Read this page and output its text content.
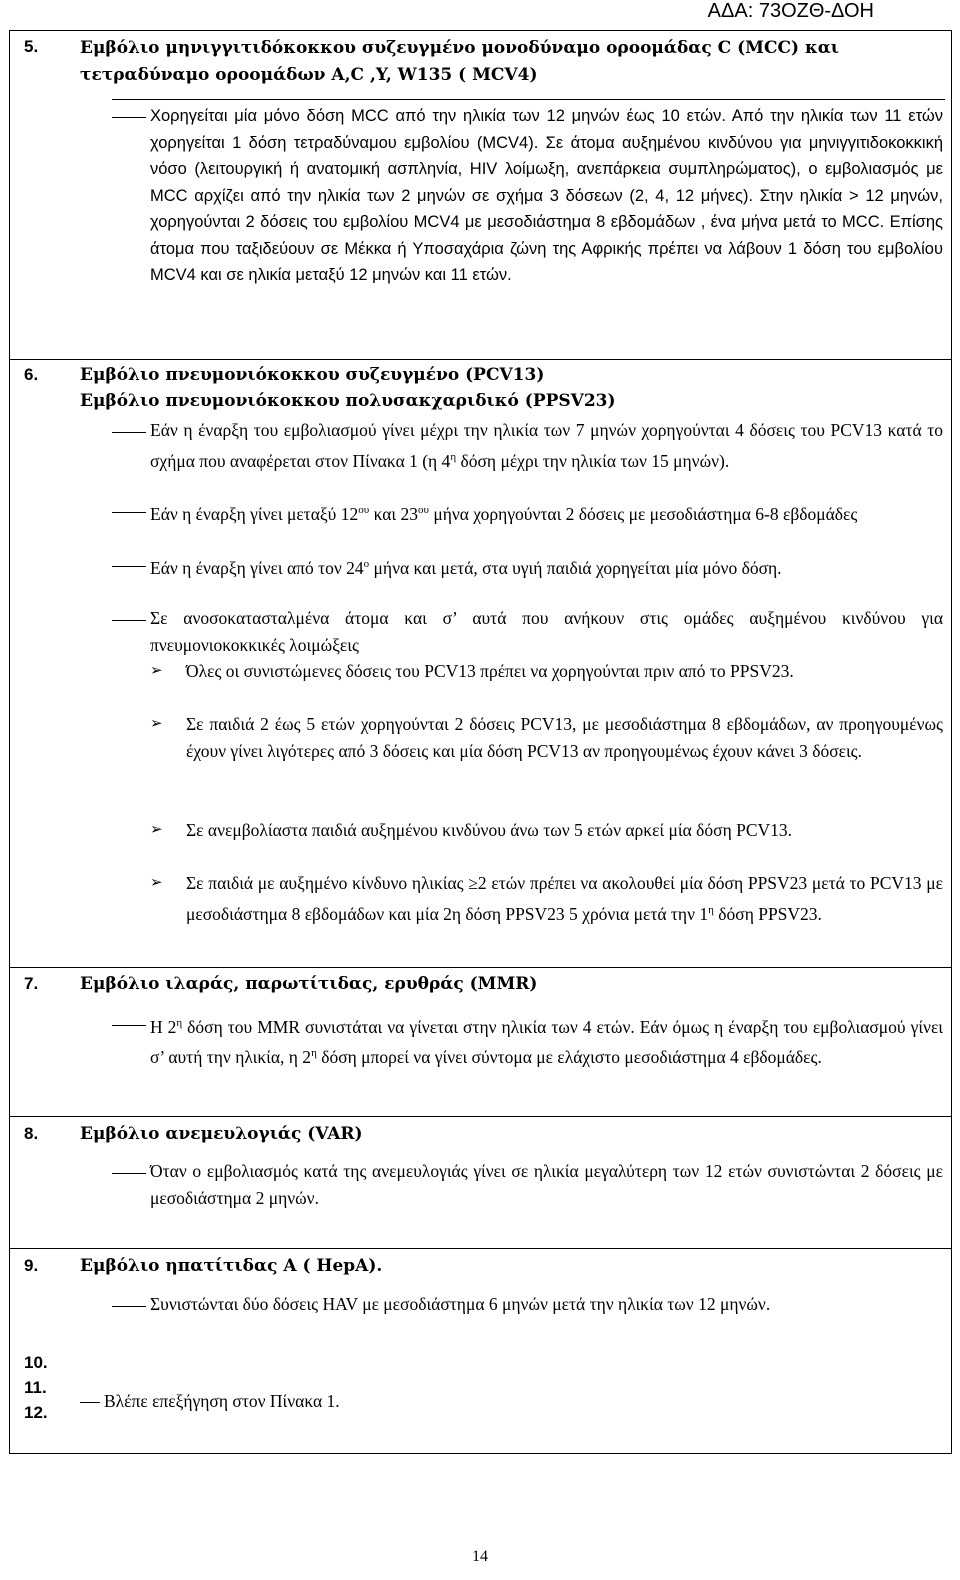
ΑΔΑ: 73ΟΖΘ-ΔΟΗ
5. Εμβόλιο μηνιγγιτιδόκοκκου συζευγμένο μονοδύναμο οροομάδας C (MCC) και
τετραδύναμο οροομάδων A,C ,Y, W135 ( MCV4)
Χορηγείται μία μόνο δόση MCC από την ηλικία των 12 μηνών έως 10 ετών. Από την ηλικία των 11 ετών χορηγείται 1 δόση τετραδύναμου εμβολίου (MCV4). Σε άτομα αυξημένου κινδύνου για μηνιγγιτιδοκοκκική νόσο (λειτουργική ή ανατομική ασπληνία, HIV λοίμωξη, ανεπάρκεια συμπληρώματος), ο εμβολιασμός με MCC αρχίζει από την ηλικία των 2 μηνών σε σχήμα 3 δόσεων (2, 4, 12 μήνες). Στην ηλικία > 12 μηνών, χορηγούνται 2 δόσεις του εμβολίου MCV4 με μεσοδιάστημα 8 εβδομάδων , ένα μήνα μετά το MCC. Επίσης άτομα που ταξιδεύουν σε Μέκκα ή Υποσαχάρια ζώνη της Αφρικής πρέπει να λάβουν 1 δόση του εμβολίου MCV4 και σε ηλικία μεταξύ 12 μηνών και 11 ετών.
6. Εμβόλιο πνευμονιόκοκκου συζευγμένο (PCV13)
Εμβόλιο πνευμονιόκοκκου πολυσακχαριδικό (PPSV23)
Εάν η έναρξη του εμβολιασμού γίνει μέχρι την ηλικία των 7 μηνών χορηγούνται 4 δόσεις του PCV13 κατά το σχήμα που αναφέρεται στον Πίνακα 1 (η $4^\eta$ δόση μέχρι την ηλικία των 15 μηνών).
Εάν η έναρξη γίνει μεταξύ $12^{o\upsilon}$ και $23^{o\upsilon}$ μήνα χορηγούνται 2 δόσεις με μεσοδιάστημα 6-8 εβδομάδες
Εάν η έναρξη γίνει από τον $24^o$ μήνα και μετά, στα υγιή παιδιά χορηγείται μία μόνο δόση.
Σε ανοσοκατασταλμένα άτομα και σ’ αυτά που ανήκουν στις ομάδες αυξημένου κινδύνου για πνευμονιοκοκκικές λοιμώξεις
➢ Όλες οι συνιστώμενες δόσεις του PCV13 πρέπει να χορηγούνται πριν από το PPSV23.
➢ Σε παιδιά 2 έως 5 ετών χορηγούνται 2 δόσεις PCV13, με μεσοδιάστημα 8 εβδομάδων, αν προηγουμένως έχουν γίνει λιγότερες από 3 δόσεις και μία δόση PCV13 αν προηγουμένως έχουν κάνει 3 δόσεις.
➢ Σε ανεμβολίαστα παιδιά αυξημένου κινδύνου άνω των 5 ετών αρκεί μία δόση PCV13.
➢ Σε παιδιά με αυξημένο κίνδυνο ηλικίας ≥2 ετών πρέπει να ακολουθεί μία δόση PPSV23 μετά το PCV13 με μεσοδιάστημα 8 εβδομάδων και μία 2η δόση PPSV23 5 χρόνια μετά την $1^\eta$ δόση PPSV23.
7. Εμβόλιο ιλαράς, παρωτίτιδας, ερυθράς (MMR)
Η $2^\eta$ δόση του MMR συνιστάται να γίνεται στην ηλικία των 4 ετών. Εάν όμως η έναρξη του εμβολιασμού γίνει σ’ αυτή την ηλικία, η $2^\eta$ δόση μπορεί να γίνει σύντομα με ελάχιστο μεσοδιάστημα 4 εβδομάδες.
8. Εμβόλιο ανεμευλογιάς (VAR)
Όταν ο εμβολιασμός κατά της ανεμευλογιάς γίνει σε ηλικία μεγαλύτερη των 12 ετών συνιστώνται 2 δόσεις με μεσοδιάστημα 2 μηνών.
9. Εμβόλιο ηπατίτιδας Α ( HepA).
Συνιστώνται δύο δόσεις HAV με μεσοδιάστημα 6 μηνών μετά την ηλικία των 12 μηνών.
10.
11.
12.
Βλέπε επεξήγηση στον Πίνακα 1.
14
